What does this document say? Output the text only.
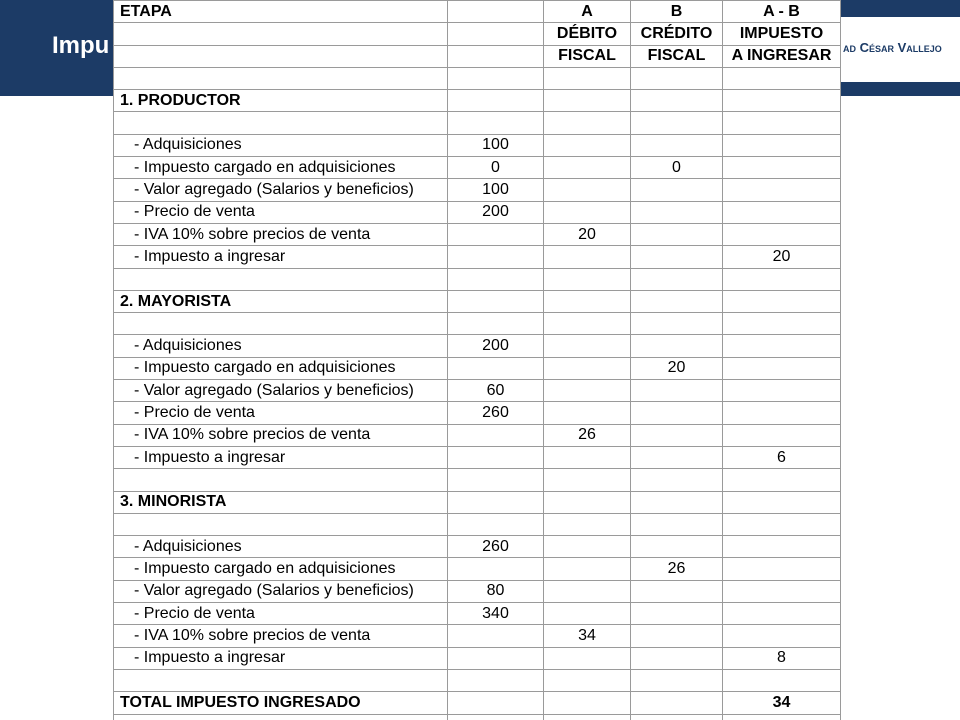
Impu	ad César Vallejo
ETAPA		A	B	A - B
		DÉBITO	CRÉDITO	IMPUESTO
		FISCAL	FISCAL	A INGRESAR

1. PRODUCTOR				

- Adquisiciones	100			
- Impuesto cargado en adquisiciones	0		0	
- Valor agregado (Salarios y beneficios)	100			
- Precio de venta	200			
- IVA 10% sobre precios de venta		20		
- Impuesto a ingresar				20

2. MAYORISTA				

- Adquisiciones	200			
- Impuesto cargado en adquisiciones			20	
- Valor agregado (Salarios y beneficios)	60			
- Precio de venta	260			
- IVA 10% sobre precios de venta		26		
- Impuesto a ingresar				6

3. MINORISTA				

- Adquisiciones	260			
- Impuesto cargado en adquisiciones			26	
- Valor agregado (Salarios y beneficios)	80			
- Precio de venta	340			
- IVA 10% sobre precios de venta		34		
- Impuesto a ingresar				8

TOTAL IMPUESTO INGRESADO				34
